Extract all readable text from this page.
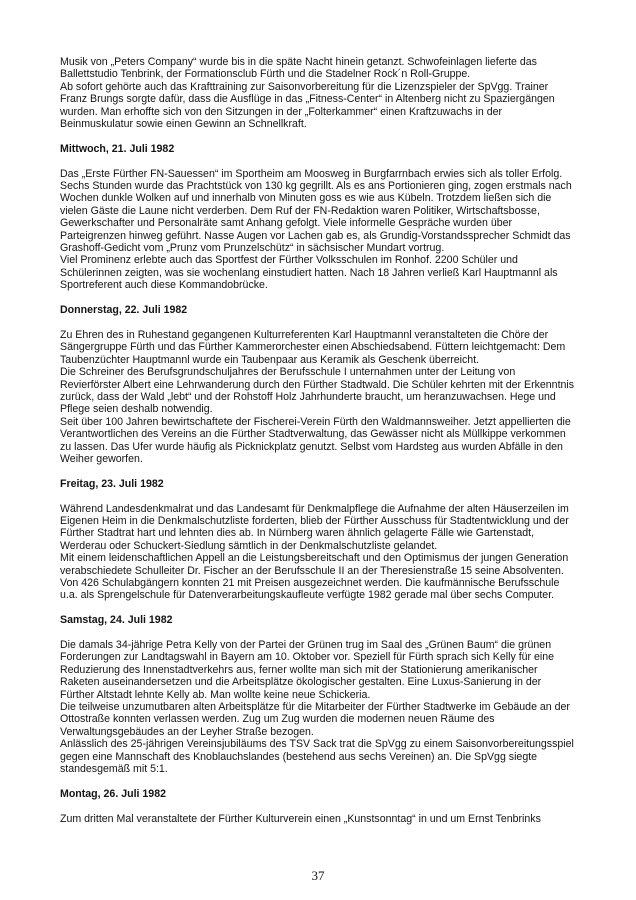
Musik von „Peters Company“ wurde bis in die späte Nacht hinein getanzt. Schwofeinlagen lieferte das Ballettstudio Tenbrink, der Formationsclub Fürth und die Stadelner Rock´n Roll-Gruppe.

Ab sofort gehörte auch das Krafttraining zur Saisonvorbereitung für die Lizenzspieler der SpVgg. Trainer Franz Brungs sorgte dafür, dass die Ausflüge in das „Fitness-Center“ in Altenberg nicht zu Spaziergängen wurden. Man erhoffte sich von den Sitzungen in der „Folterkammer“ einen Kraftzuwachs in der Beinmuskulatur sowie einen Gewinn an Schnellkraft.

Mittwoch, 21. Juli 1982

Das „Erste Fürther FN-Sauessen“ im Sportheim am Moosweg in Burgfarrnbach erwies sich als toller Erfolg. Sechs Stunden wurde das Prachtstück von 130 kg gegrillt. Als es ans Portionieren ging, zogen erstmals nach Wochen dunkle Wolken auf und innerhalb von Minuten goss es wie aus Kübeln. Trotzdem ließen sich die vielen Gäste die Laune nicht verderben. Dem Ruf der FN-Redaktion waren Politiker, Wirtschaftsbosse, Gewerkschafter und Personalräte samt Anhang gefolgt. Viele informelle Gespräche wurden über Parteigrenzen hinweg geführt. Nasse Augen vor Lachen gab es, als Grundig-Vorstandssprecher Schmidt das Grashoff-Gedicht vom „Prunz vom Prunzelschütz“ in sächsischer Mundart vortrug.

Viel Prominenz erlebte auch das Sportfest der Fürther Volksschulen im Ronhof. 2200 Schüler und Schülerinnen zeigten, was sie wochenlang einstudiert hatten. Nach 18 Jahren verließ Karl Hauptmannl als Sportreferent auch diese Kommandobrücke.

Donnerstag, 22. Juli 1982

Zu Ehren des in Ruhestand gegangenen Kulturreferenten Karl Hauptmannl veranstalteten die Chöre der Sängergruppe Fürth und das Fürther Kammerorchester einen Abschiedsabend. Füttern leichtgemacht: Dem Taubenzüchter Hauptmannl wurde ein Taubenpaar aus Keramik als Geschenk überreicht.

Die Schreiner des Berufsgrundschuljahres der Berufsschule I unternahmen unter der Leitung von Revierförster Albert eine Lehrwanderung durch den Fürther Stadtwald. Die Schüler kehrten mit der Erkenntnis zurück, dass der Wald „lebt“ und der Rohstoff Holz Jahrhunderte braucht, um heranzuwachsen. Hege und Pflege seien deshalb notwendig.

Seit über 100 Jahren bewirtschaftete der Fischerei-Verein Fürth den Waldmannsweiher. Jetzt appellierten die Verantwortlichen des Vereins an die Fürther Stadtverwaltung, das Gewässer nicht als Müllkippe verkommen zu lassen. Das Ufer wurde häufig als Picknickplatz genutzt. Selbst vom Hardsteg aus wurden Abfälle in den Weiher geworfen.

Freitag, 23. Juli 1982

Während Landesdenkmalrat und das Landesamt für Denkmalpflege die Aufnahme der alten Häuserzeilen im Eigenen Heim in die Denkmalschutzliste forderten, blieb der Fürther Ausschuss für Stadtentwicklung und der Fürther Stadtrat hart und lehnten dies ab. In Nürnberg waren ähnlich gelagerte Fälle wie Gartenstadt, Werderau oder Schuckert-Siedlung sämtlich in der Denkmalschutzliste gelandet.

Mit einem leidenschaftlichen Appell an die Leistungsbereitschaft und den Optimismus der jungen Generation verabschiedete Schulleiter Dr. Fischer an der Berufsschule II an der Theresienstraße 15 seine Absolventen. Von 426 Schulabgängern konnten 21 mit Preisen ausgezeichnet werden. Die kaufmännische Berufsschule u.a. als Sprengelschule für Datenverarbeitungskaufleute verfügte 1982 gerade mal über sechs Computer.

Samstag, 24. Juli 1982

Die damals 34-jährige Petra Kelly von der Partei der Grünen trug im Saal des „Grünen Baum“ die grünen Forderungen zur Landtagswahl in Bayern am 10. Oktober vor. Speziell für Fürth sprach sich Kelly für eine Reduzierung des Innenstadtverkehrs aus, ferner wollte man sich mit der Stationierung amerikanischer Raketen auseinandersetzen und die Arbeitsplätze ökologischer gestalten. Eine Luxus-Sanierung in der Fürther Altstadt lehnte Kelly ab. Man wollte keine neue Schickeria.

Die teilweise unzumutbaren alten Arbeitsplätze für die Mitarbeiter der Fürther Stadtwerke im Gebäude an der Ottostraße konnten verlassen werden. Zug um Zug wurden die modernen neuen Räume des Verwaltungsgebäudes an der Leyher Straße bezogen.

Anlässlich des 25-jährigen Vereinsjubiläums des TSV Sack trat die SpVgg zu einem Saisonvorbereitungsspiel gegen eine Mannschaft des Knoblauchslandes (bestehend aus sechs Vereinen) an. Die SpVgg siegte standesgemäß mit 5:1.

Montag, 26. Juli 1982

Zum dritten Mal veranstaltete der Fürther Kulturverein einen „Kunstsonntag“ in und um Ernst Tenbrinks

37
